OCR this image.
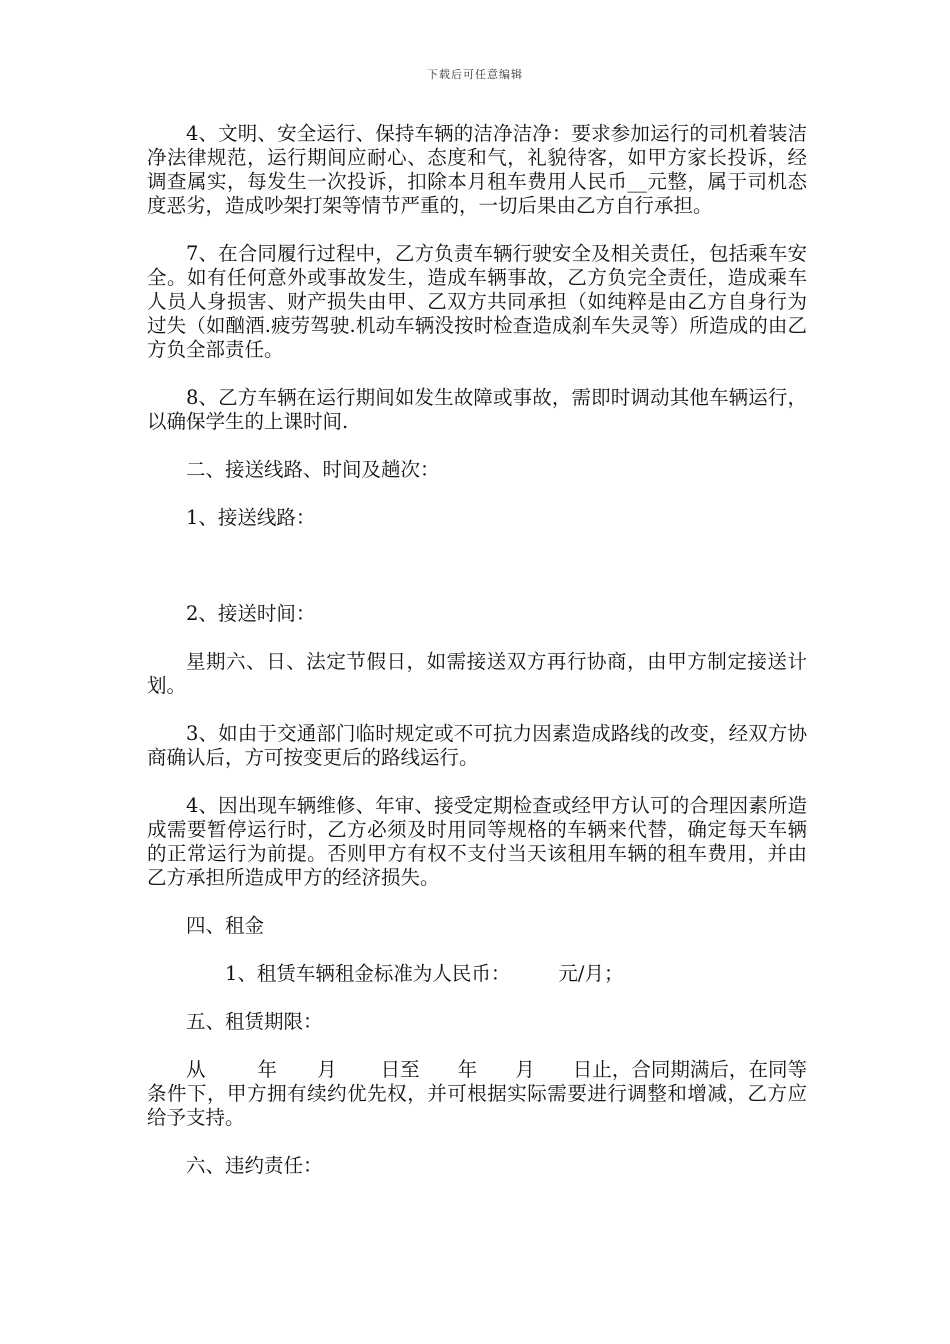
下载后可任意编辑

4、文明、安全运行、保持车辆的洁净洁净：要求参加运行的司机着装洁净法律规范，运行期间应耐心、态度和气，礼貌待客，如甲方家长投诉，经调查属实，每发生一次投诉，扣除本月租车费用人民币__元整，属于司机态度恶劣，造成吵架打架等情节严重的，一切后果由乙方自行承担。

7、在合同履行过程中，乙方负责车辆行驶安全及相关责任，包括乘车安全。如有任何意外或事故发生，造成车辆事故，乙方负完全责任，造成乘车人员人身损害、财产损失由甲、乙双方共同承担（如纯粹是由乙方自身行为过失（如酗酒.疲劳驾驶.机动车辆没按时检查造成刹车失灵等）所造成的由乙方负全部责任。

8、乙方车辆在运行期间如发生故障或事故，需即时调动其他车辆运行，以确保学生的上课时间.

二、接送线路、时间及趟次：

1、接送线路：

2、接送时间：

星期六、日、法定节假日，如需接送双方再行协商，由甲方制定接送计划。

3、如由于交通部门临时规定或不可抗力因素造成路线的改变，经双方协商确认后，方可按变更后的路线运行。

4、因出现车辆维修、年审、接受定期检查或经甲方认可的合理因素所造成需要暂停运行时，乙方必须及时用同等规格的车辆来代替，确定每天车辆的正常运行为前提。否则甲方有权不支付当天该租用车辆的租车费用，并由乙方承担所造成甲方的经济损失。

四、租金

1、租赁车辆租金标准为人民币： 元/月；

五、租赁期限：

从	年 月 日至 年 月 日止，合同期满后，在同等条件下，甲方拥有续约优先权，并可根据实际需要进行调整和增减，乙方应给予支持。

六、违约责任：
